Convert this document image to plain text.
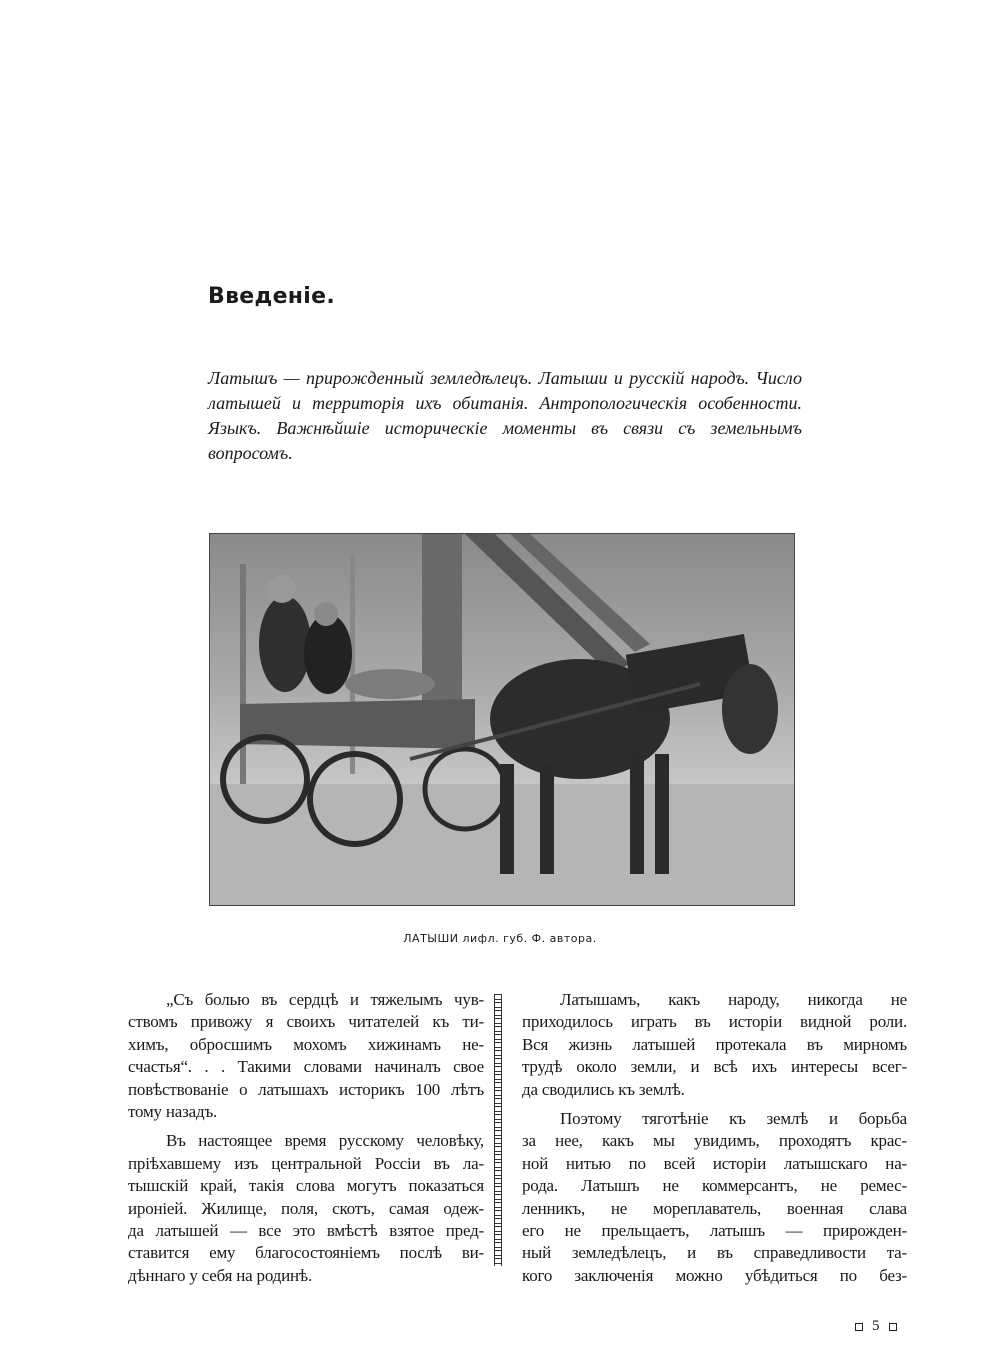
Введеніе.
Латышъ — прирожденный земледѣлецъ. Латыши и русскій народъ. Число
латышей и территорія ихъ обитанія. Антропологическія особенности.
Языкъ. Важнѣйшіе историческіе моменты въ связи съ земельнымъ вопросомъ.
ЛАТЫШИ лифл. губ. Ф. автора.
„Съ болью въ сердцѣ и тяжелымъ чув-
ствомъ привожу я своихъ читателей къ ти-
химъ, обросшимъ мохомъ хижинамъ не-
счастья“. . . Такими словами начиналъ свое
повѣствованіе о латышахъ историкъ 100 лѣтъ
тому назадъ.
Въ настоящее время русскому человѣку,
пріѣхавшему изъ центральной Россіи въ ла-
тышскій край, такія слова могутъ показаться
ироніей. Жилище, поля, скотъ, самая одеж-
да латышей — все это вмѣстѣ взятое пред-
ставится ему благосостояніемъ послѣ ви-
дѣннаго у себя на родинѣ.
Латышамъ, какъ народу, никогда не
приходилось играть въ исторіи видной роли.
Вся жизнь латышей протекала въ мирномъ
трудѣ около земли, и всѣ ихъ интересы всег-
да сводились къ землѣ.
Поэтому тяготѣніе къ землѣ и борьба
за нее, какъ мы увидимъ, проходятъ крас-
ной нитью по всей исторіи латышскаго на-
рода. Латышъ не коммерсантъ, не ремес-
ленникъ, не мореплаватель, военная слава
его не прельщаетъ, латышъ — прирожден-
ный земледѣлецъ, и въ справедливости та-
кого заключенія можно убѣдиться по без-
5
